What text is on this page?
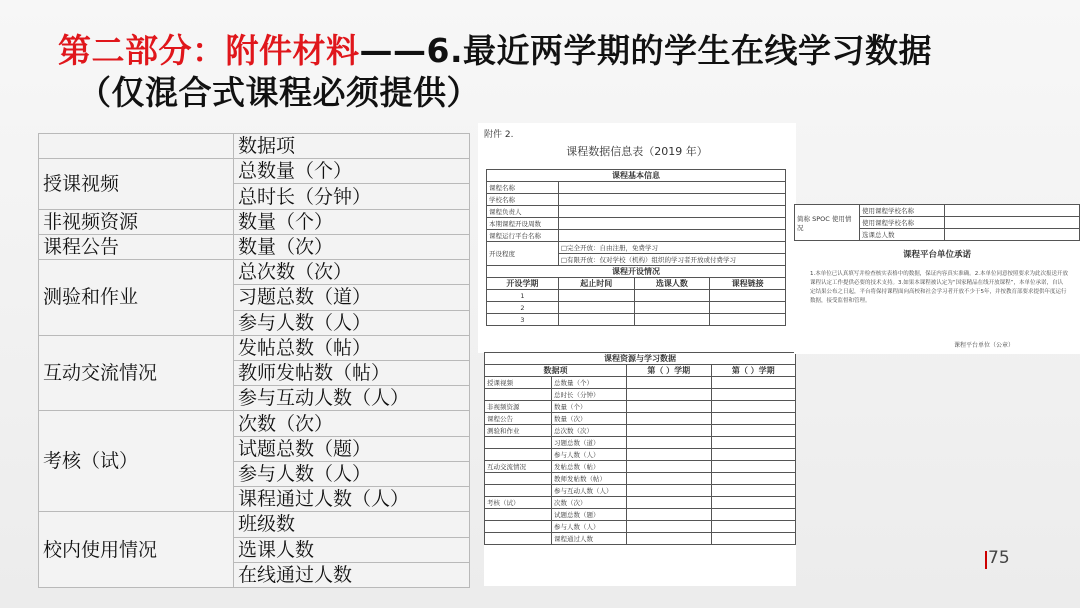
第二部分：附件材料——6.最近两学期的学生在线学习数据
（仅混合式课程必须提供）
	数据项
授课视频	总数量（个）
	总时长（分钟）
非视频资源	数量（个）
课程公告	数量（次）
测验和作业	总次数（次）
	习题总数（道）
	参与人数（人）
互动交流情况	发帖总数（帖）
	教师发帖数（帖）
	参与互动人数（人）
考核（试）	次数（次）
	试题总数（题）
	参与人数（人）
	课程通过人数（人）
校内使用情况	班级数
	选课人数
	在线通过人数
附件 2.
课程数据信息表（2019 年）
课程基本信息			
课程名称			
学校名称			
课程负责人			
本期课程开设周数			
课程运行平台名称			
开设程度	□完全开放：自由注册，免费学习		
	□有限开放：仅对学校（机构）组织的学习者开放或付费学习		
课程开设情况			
开设学期	起止时间	选课人数	课程链接
1			
2			
3			
课程资源与学习数据			
数据项		第（ ）学期	第（ ）学期
授课视频	总数量（个）		
	总时长（分钟）		
非视频资源	数量（个）		
课程公告	数量（次）		
测验和作业	总次数（次）		
	习题总数（道）		
	参与人数（人）		
互动交流情况	发帖总数（帖）		
	教师发帖数（帖）		
	参与互动人数（人）		
考核（试）	次数（次）		
	试题总数（题）		
	参与人数（人）		
	课程通过人数		
简称 SPOC 使用情况	使用课程学校名称	
	使用课程学校名称	
	选课总人数	
课程平台单位承诺
1.本单位已认真填写并检查核实表格中的数据，保证内容真实准确。2.本单位同意按照要求为此次报送开放课程认定工作提供必要的技术支持。3.如果本课程被认定为“国家精品在线开放课程”，本单位承诺，自认定结果公布之日起，平台将保持课程面向高校和社会学习者开放不少于5年，并按教育部要求提供年度运行数据，接受监督和管理。
课程平台单位（公章）
75
